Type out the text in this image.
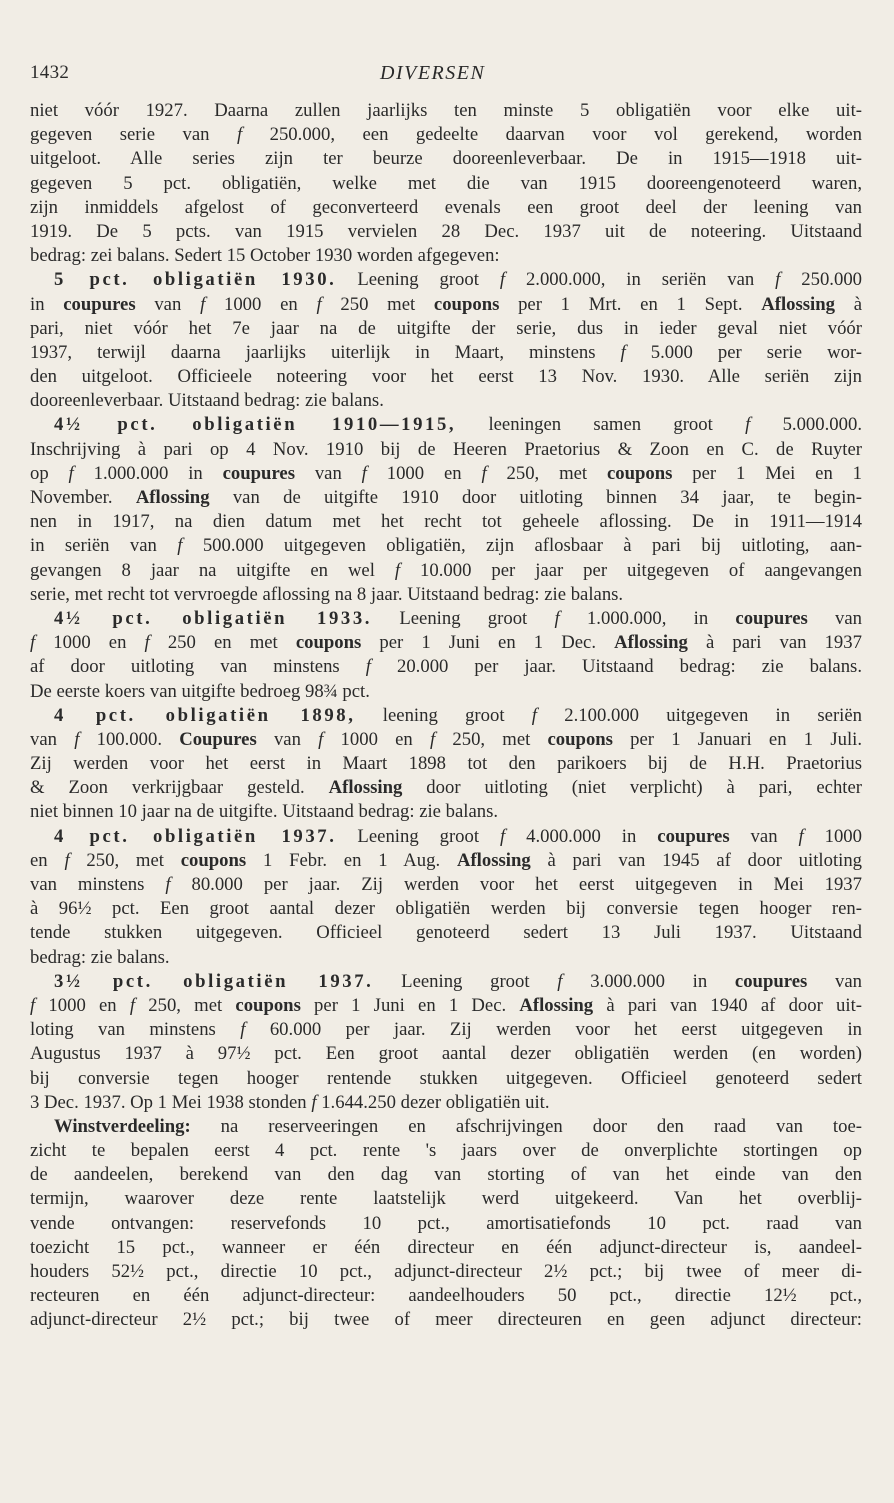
1432	DIVERSEN
niet vóór 1927. Daarna zullen jaarlijks ten minste 5 obligatiën voor elke uit-
gegeven serie van f 250.000, een gedeelte daarvan voor vol gerekend, worden
uitgeloot. Alle series zijn ter beurze dooreenleverbaar. De in 1915—1918 uit-
gegeven 5 pct. obligatiën, welke met die van 1915 dooreengenoteerd waren,
zijn inmiddels afgelost of geconverteerd evenals een groot deel der leening van
1919. De 5 pcts. van 1915 vervielen 28 Dec. 1937 uit de noteering. Uitstaand
bedrag: zei balans. Sedert 15 October 1930 worden afgegeven:
5 pct. obligatiën 1930. Leening groot f 2.000.000, in seriën van f 250.000
in coupures van f 1000 en f 250 met coupons per 1 Mrt. en 1 Sept. Aflossing à
pari, niet vóór het 7e jaar na de uitgifte der serie, dus in ieder geval niet vóór
1937, terwijl daarna jaarlijks uiterlijk in Maart, minstens f 5.000 per serie wor-
den uitgeloot. Officieele noteering voor het eerst 13 Nov. 1930. Alle seriën zijn
dooreenleverbaar. Uitstaand bedrag: zie balans.
4½ pct. obligatiën 1910—1915, leeningen samen groot f 5.000.000.
Inschrijving à pari op 4 Nov. 1910 bij de Heeren Praetorius & Zoon en C. de Ruyter
op f 1.000.000 in coupures van f 1000 en f 250, met coupons per 1 Mei en 1
November. Aflossing van de uitgifte 1910 door uitloting binnen 34 jaar, te begin-
nen in 1917, na dien datum met het recht tot geheele aflossing. De in 1911—1914
in seriën van f 500.000 uitgegeven obligatiën, zijn aflosbaar à pari bij uitloting, aan-
gevangen 8 jaar na uitgifte en wel f 10.000 per jaar per uitgegeven of aangevangen
serie, met recht tot vervroegde aflossing na 8 jaar. Uitstaand bedrag: zie balans.
4½ pct. obligatiën 1933. Leening groot f 1.000.000, in coupures van
f 1000 en f 250 en met coupons per 1 Juni en 1 Dec. Aflossing à pari van 1937
af door uitloting van minstens f 20.000 per jaar. Uitstaand bedrag: zie balans.
De eerste koers van uitgifte bedroeg 98¾ pct.
4 pct. obligatiën 1898, leening groot f 2.100.000 uitgegeven in seriën
van f 100.000. Coupures van f 1000 en f 250, met coupons per 1 Januari en 1 Juli.
Zij werden voor het eerst in Maart 1898 tot den parikoers bij de H.H. Praetorius
& Zoon verkrijgbaar gesteld. Aflossing door uitloting (niet verplicht) à pari, echter
niet binnen 10 jaar na de uitgifte. Uitstaand bedrag: zie balans.
4 pct. obligatiën 1937. Leening groot f 4.000.000 in coupures van f 1000
en f 250, met coupons 1 Febr. en 1 Aug. Aflossing à pari van 1945 af door uitloting
van minstens f 80.000 per jaar. Zij werden voor het eerst uitgegeven in Mei 1937
à 96½ pct. Een groot aantal dezer obligatiën werden bij conversie tegen hooger ren-
tende stukken uitgegeven. Officieel genoteerd sedert 13 Juli 1937. Uitstaand
bedrag: zie balans.
3½ pct. obligatiën 1937. Leening groot f 3.000.000 in coupures van
f 1000 en f 250, met coupons per 1 Juni en 1 Dec. Aflossing à pari van 1940 af door uit-
loting van minstens f 60.000 per jaar. Zij werden voor het eerst uitgegeven in
Augustus 1937 à 97½ pct. Een groot aantal dezer obligatiën werden (en worden)
bij conversie tegen hooger rentende stukken uitgegeven. Officieel genoteerd sedert
3 Dec. 1937. Op 1 Mei 1938 stonden f 1.644.250 dezer obligatiën uit.
Winstverdeeling: na reserveeringen en afschrijvingen door den raad van toe-
zicht te bepalen eerst 4 pct. rente 's jaars over de onverplichte stortingen op
de aandeelen, berekend van den dag van storting of van het einde van den
termijn, waarover deze rente laatstelijk werd uitgekeerd. Van het overblij-
vende ontvangen: reservefonds 10 pct., amortisatiefonds 10 pct. raad van
toezicht 15 pct., wanneer er één directeur en één adjunct-directeur is, aandeel-
houders 52½ pct., directie 10 pct., adjunct-directeur 2½ pct.; bij twee of meer di-
recteuren en één adjunct-directeur: aandeelhouders 50 pct., directie 12½ pct.,
adjunct-directeur 2½ pct.; bij twee of meer directeuren en geen adjunct directeur:
